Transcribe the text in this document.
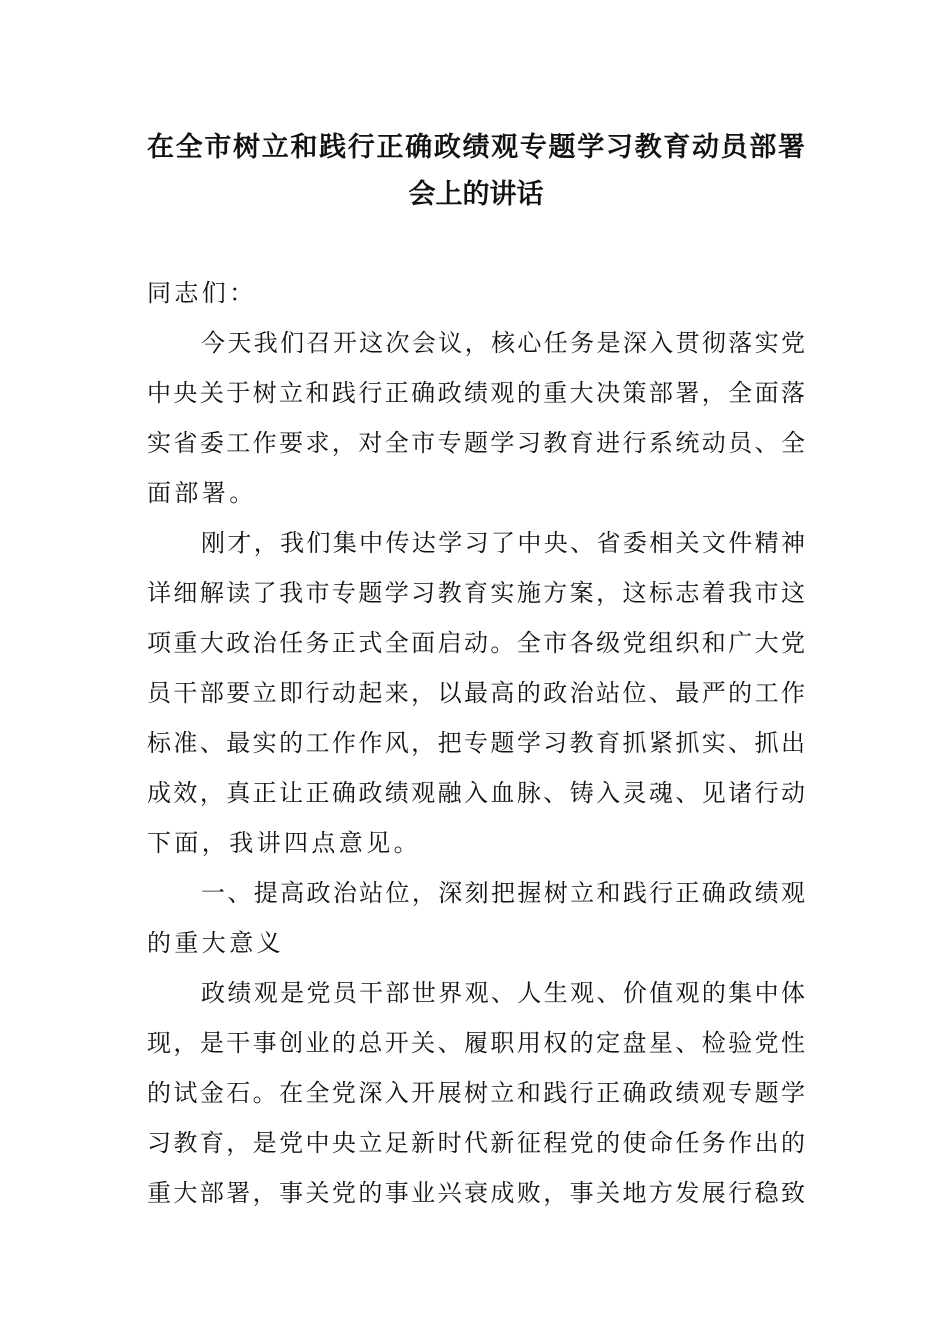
在全市树立和践行正确政绩观专题学习教育动员部署
会上的讲话
同志们：
今天我们召开这次会议，核心任务是深入贯彻落实党
中央关于树立和践行正确政绩观的重大决策部署，全面落
实省委工作要求，对全市专题学习教育进行系统动员、全
面部署。
刚才，我们集中传达学习了中央、省委相关文件精神
详细解读了我市专题学习教育实施方案，这标志着我市这
项重大政治任务正式全面启动。全市各级党组织和广大党
员干部要立即行动起来，以最高的政治站位、最严的工作
标准、最实的工作作风，把专题学习教育抓紧抓实、抓出
成效，真正让正确政绩观融入血脉、铸入灵魂、见诸行动
下面，我讲四点意见。
一、提高政治站位，深刻把握树立和践行正确政绩观
的重大意义
政绩观是党员干部世界观、人生观、价值观的集中体
现，是干事创业的总开关、履职用权的定盘星、检验党性
的试金石。在全党深入开展树立和践行正确政绩观专题学
习教育，是党中央立足新时代新征程党的使命任务作出的
重大部署，事关党的事业兴衰成败，事关地方发展行稳致
